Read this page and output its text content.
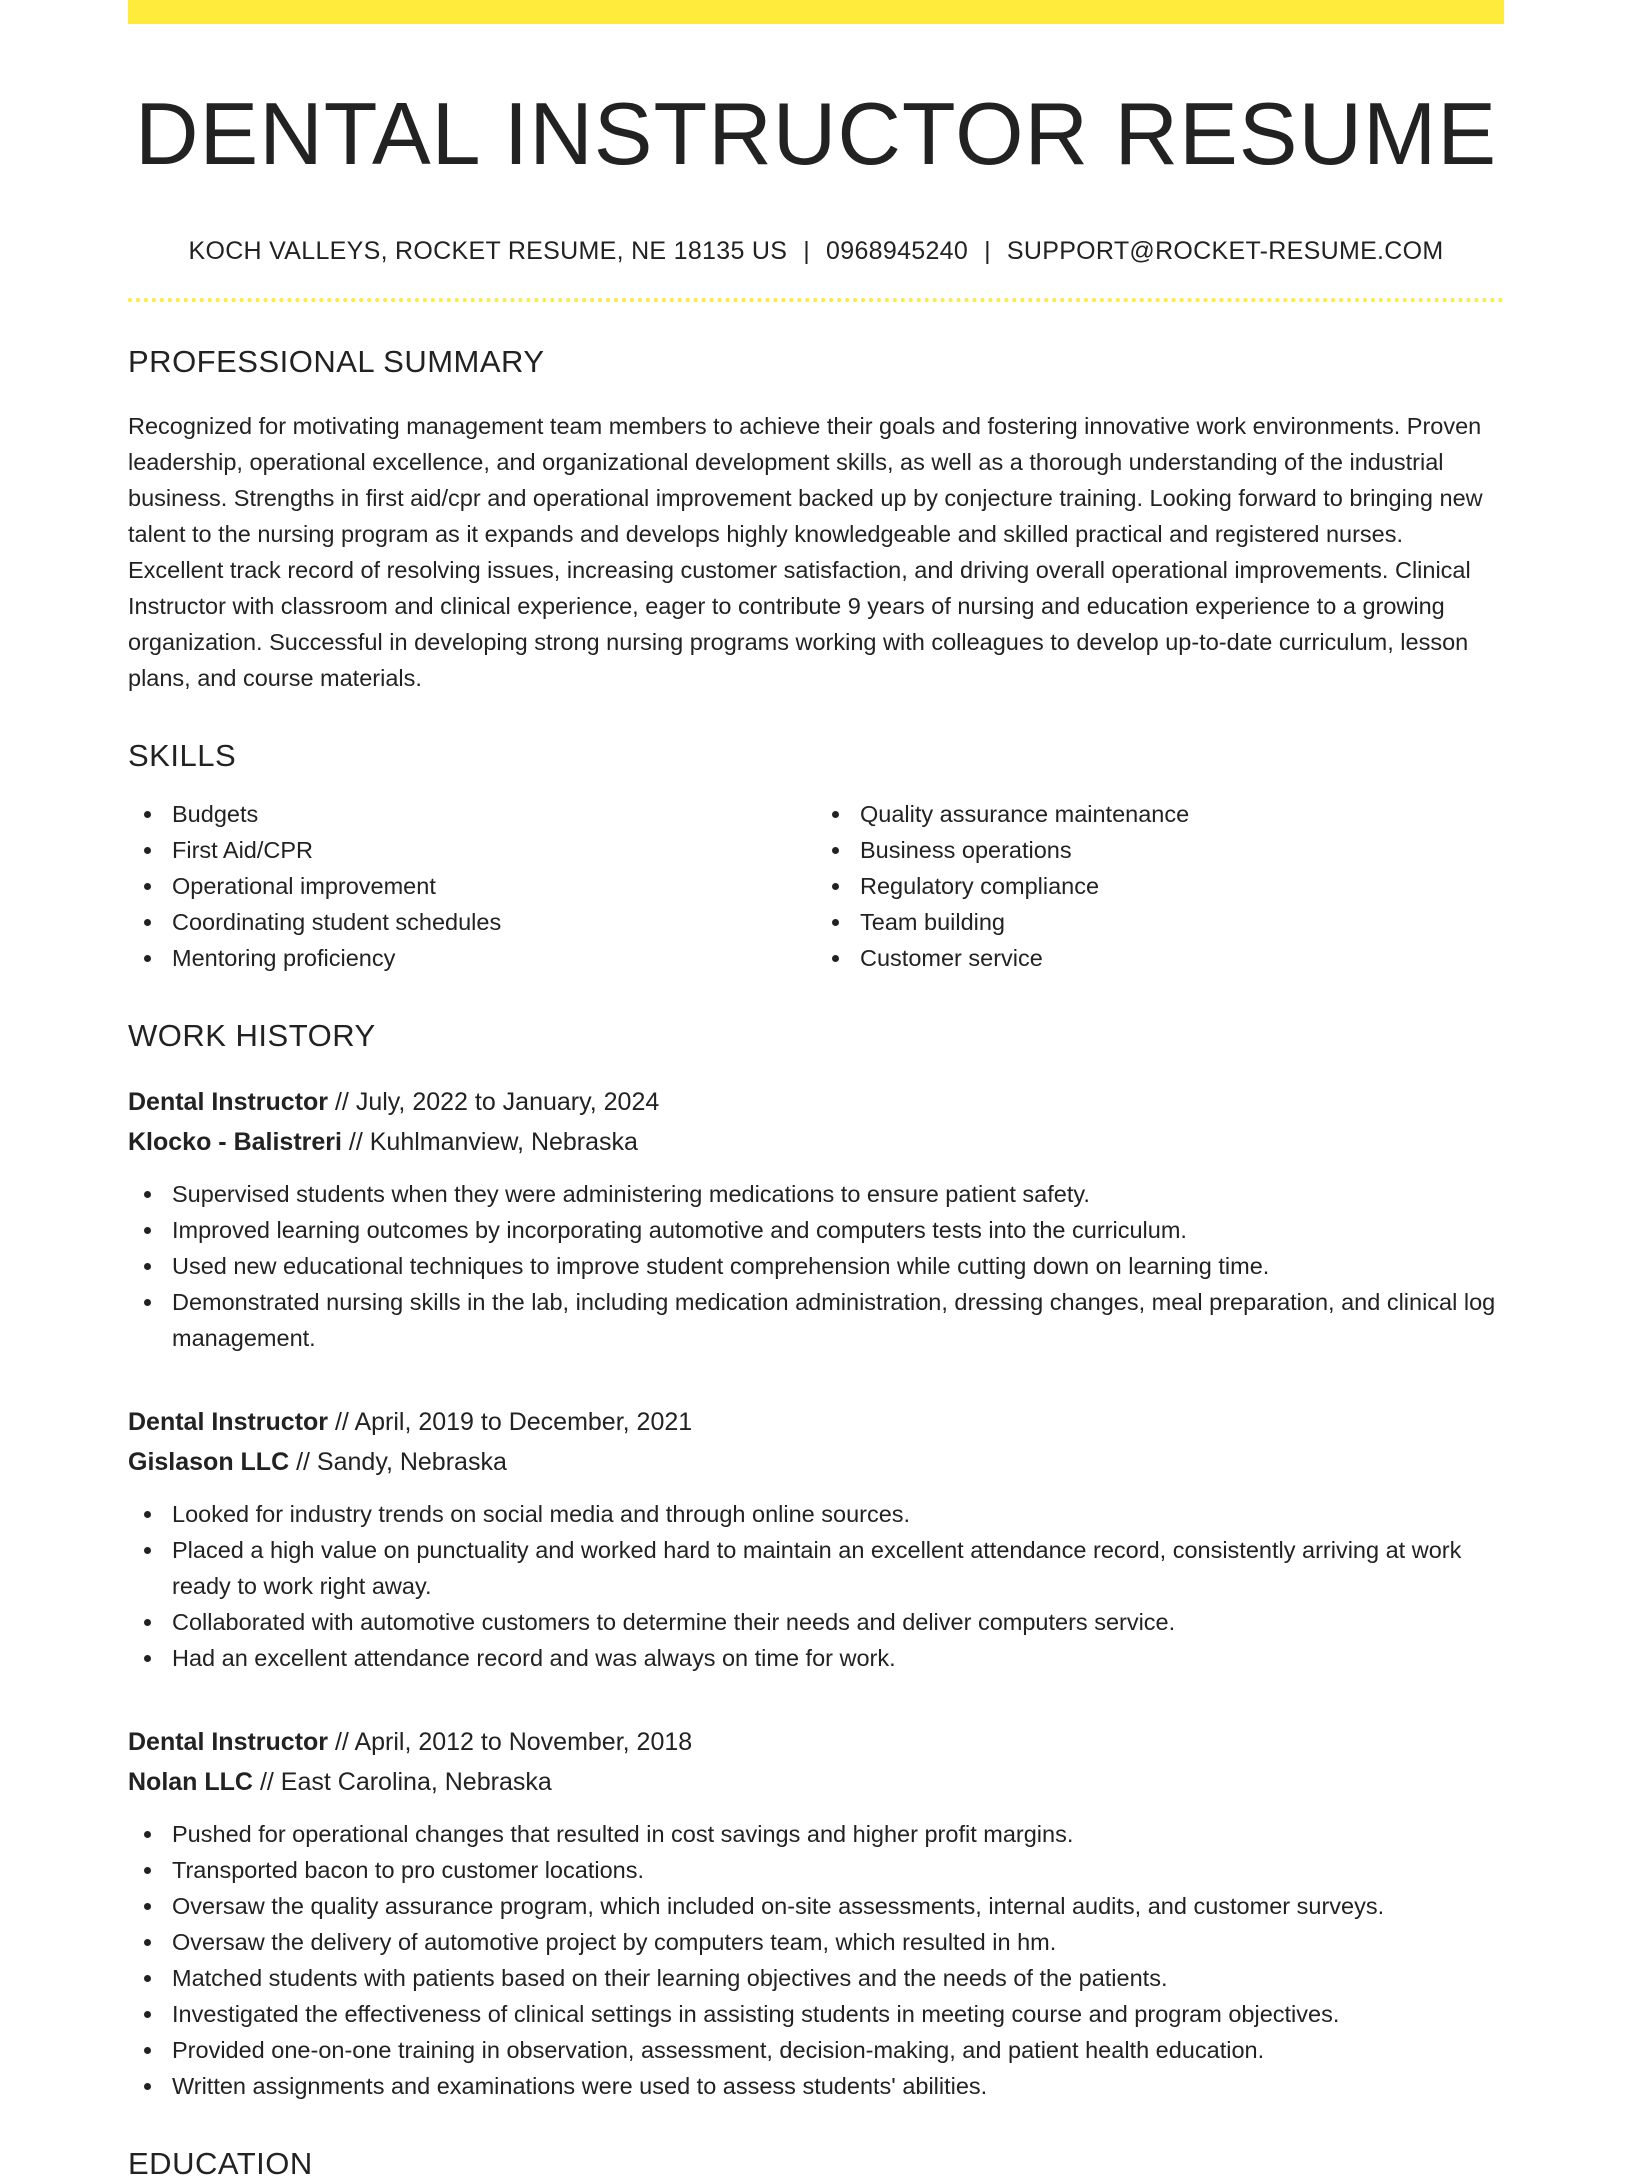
DENTAL INSTRUCTOR RESUME
KOCH VALLEYS, ROCKET RESUME, NE 18135 US | 0968945240 | SUPPORT@ROCKET-RESUME.COM
PROFESSIONAL SUMMARY

Recognized for motivating management team members to achieve their goals and fostering innovative work environments. Proven leadership, operational excellence, and organizational development skills, as well as a thorough understanding of the industrial business. Strengths in first aid/cpr and operational improvement backed up by conjecture training. Looking forward to bringing new talent to the nursing program as it expands and develops highly knowledgeable and skilled practical and registered nurses. Excellent track record of resolving issues, increasing customer satisfaction, and driving overall operational improvements. Clinical Instructor with classroom and clinical experience, eager to contribute 9 years of nursing and education experience to a growing organization. Successful in developing strong nursing programs working with colleagues to develop up-to-date curriculum, lesson plans, and course materials.

SKILLS
Budgets
First Aid/CPR
Operational improvement
Coordinating student schedules
Mentoring proficiency
Quality assurance maintenance
Business operations
Regulatory compliance
Team building
Customer service
WORK HISTORY
Dental Instructor // July, 2022 to January, 2024
Klocko - Balistreri // Kuhlmanview, Nebraska
Supervised students when they were administering medications to ensure patient safety.
Improved learning outcomes by incorporating automotive and computers tests into the curriculum.
Used new educational techniques to improve student comprehension while cutting down on learning time.
Demonstrated nursing skills in the lab, including medication administration, dressing changes, meal preparation, and clinical log management.
Dental Instructor // April, 2019 to December, 2021
Gislason LLC // Sandy, Nebraska
Looked for industry trends on social media and through online sources.
Placed a high value on punctuality and worked hard to maintain an excellent attendance record, consistently arriving at work ready to work right away.
Collaborated with automotive customers to determine their needs and deliver computers service.
Had an excellent attendance record and was always on time for work.
Dental Instructor // April, 2012 to November, 2018
Nolan LLC // East Carolina, Nebraska
Pushed for operational changes that resulted in cost savings and higher profit margins.
Transported bacon to pro customer locations.
Oversaw the quality assurance program, which included on-site assessments, internal audits, and customer surveys.
Oversaw the delivery of automotive project by computers team, which resulted in hm.
Matched students with patients based on their learning objectives and the needs of the patients.
Investigated the effectiveness of clinical settings in assisting students in meeting course and program objectives.
Provided one-on-one training in observation, assessment, decision-making, and patient health education.
Written assignments and examinations were used to assess students' abilities.
EDUCATION
